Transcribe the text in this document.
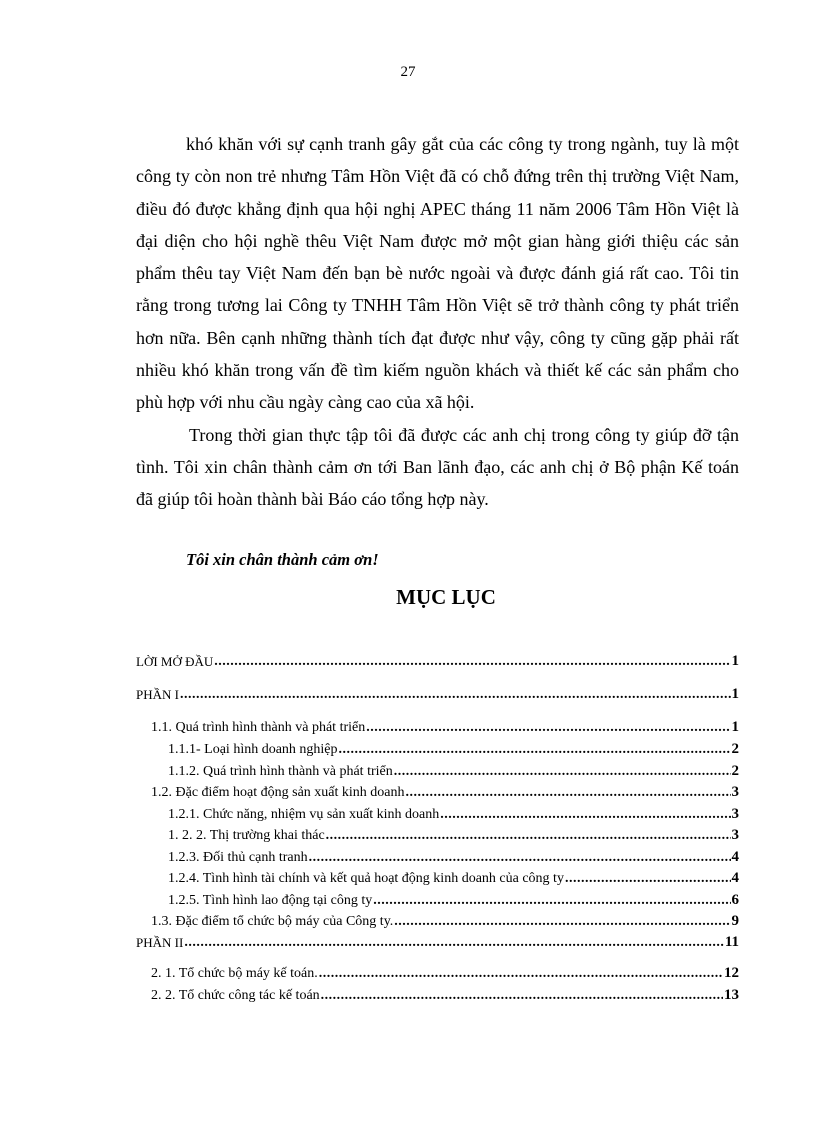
27

khó khăn với sự cạnh tranh gây gắt của các công ty trong ngành, tuy là một công ty còn non trẻ nhưng Tâm Hồn Việt đã có chỗ đứng trên thị trường Việt Nam, điều đó được khẳng định qua hội nghị APEC tháng 11 năm 2006 Tâm Hồn Việt là đại diện cho hội nghề thêu Việt Nam được mở một gian hàng giới thiệu các sản phẩm thêu tay Việt Nam đến bạn bè nước ngoài và được đánh giá rất cao. Tôi tin rằng trong tương lai Công ty TNHH Tâm Hồn Việt sẽ trở thành công ty phát triển hơn nữa. Bên cạnh những thành tích đạt được như vậy, công ty cũng gặp phải rất nhiều khó khăn trong vấn đề tìm kiếm nguồn khách và thiết kế các sản phẩm cho phù hợp với nhu cầu ngày càng cao của xã hội.

Trong thời gian thực tập tôi đã được các anh chị trong công ty giúp đỡ tận tình. Tôi xin chân thành cảm ơn tới Ban lãnh đạo, các anh chị ở Bộ phận Kế toán đã giúp tôi hoàn thành bài Báo cáo tổng hợp này.

Tôi xin chân thành cảm ơn!

MỤC LỤC
LỜI MỞ ĐẦU .....	1
PHẦN I .....	1
1.1. Quá trình hình thành và phát triển .....	1
1.1.1- Loại hình doanh nghiệp .....	2
1.1.2. Quá trình hình thành và phát triển .....	2
1.2. Đặc điểm hoạt động sản xuất kinh doanh .....	3
1.2.1. Chức năng, nhiệm vụ sản xuất kinh doanh .....	3
1. 2. 2. Thị trường khai thác .....	3
1.2.3. Đối thủ cạnh tranh .....	4
1.2.4. Tình hình tài chính và kết quả hoạt động kinh doanh của công ty .....	4
1.2.5. Tình hình lao động tại công ty .....	6
1.3. Đặc điểm tổ chức bộ máy của Công ty. .....	9
PHẦN II .....	11
2. 1. Tổ chức bộ máy kế toán. .....	12
2. 2. Tổ chức công tác kế toán .....	13
